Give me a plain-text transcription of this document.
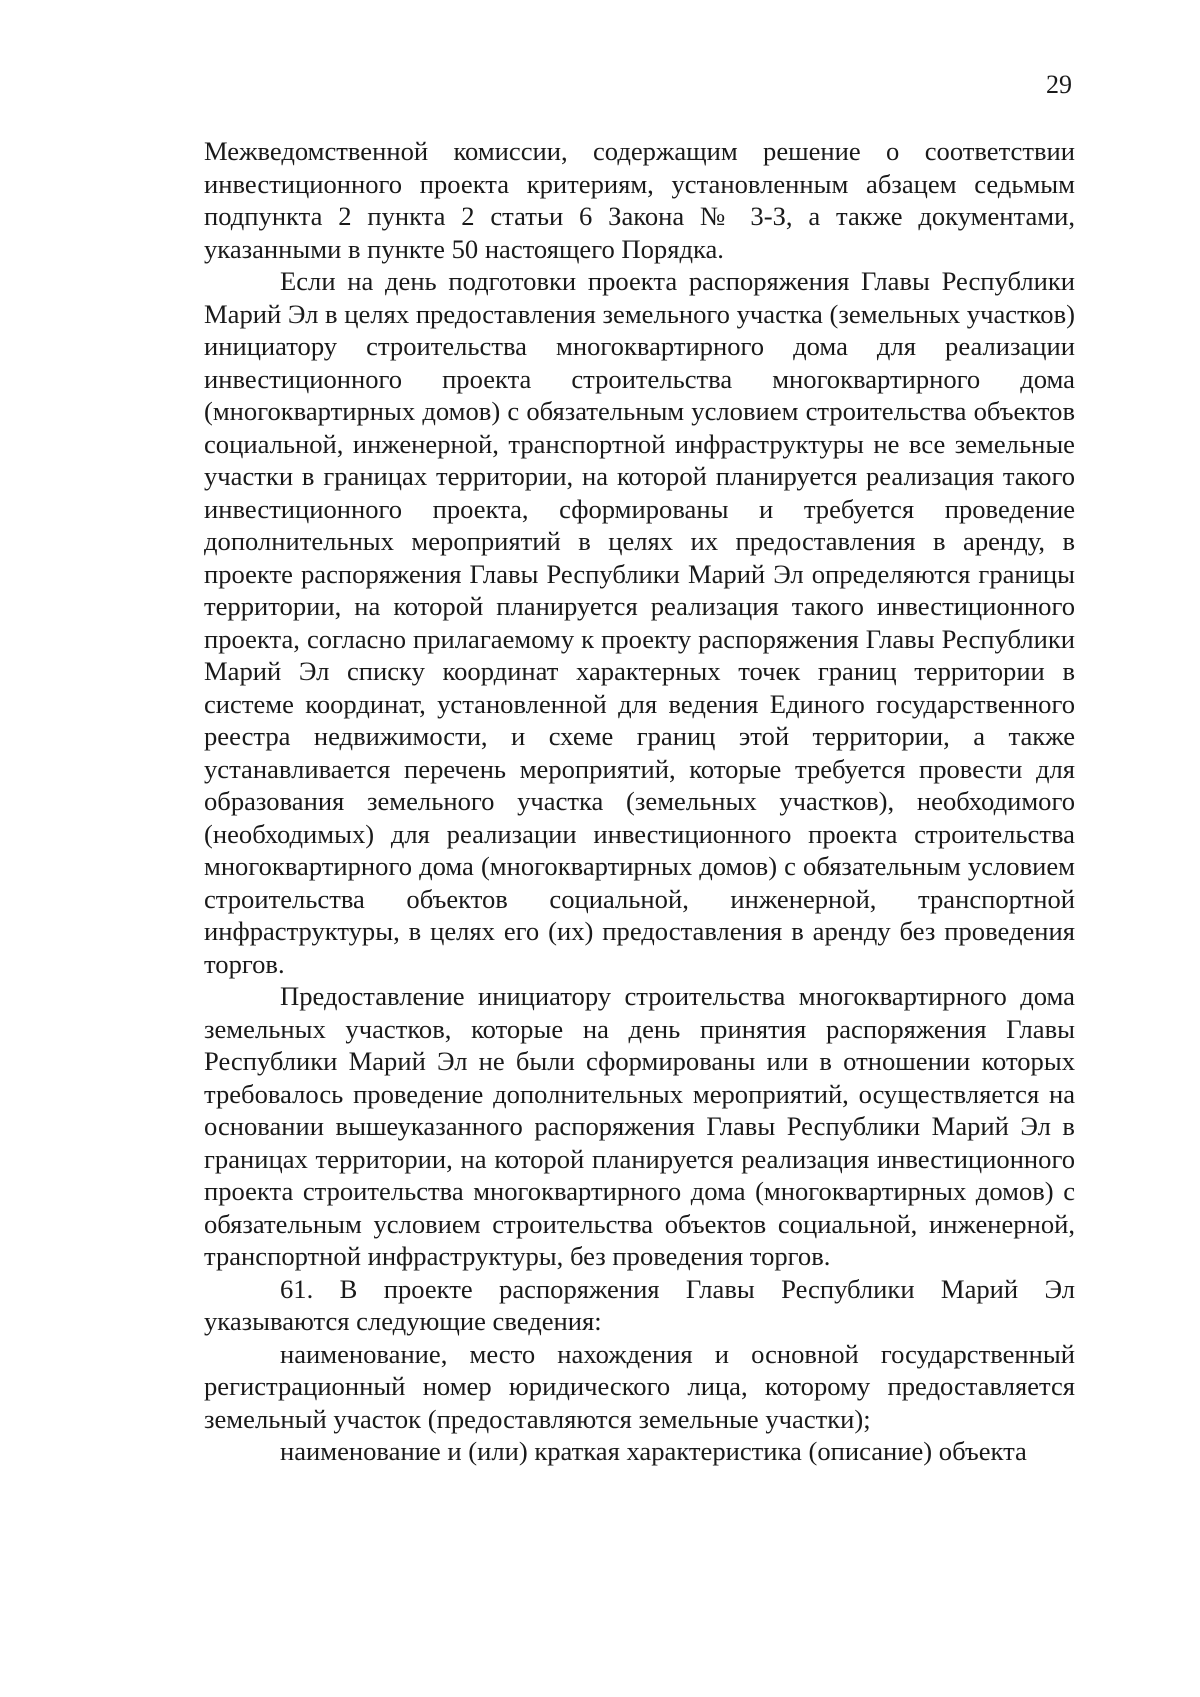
29

Межведомственной комиссии, содержащим решение о соответствии инвестиционного проекта критериям, установленным абзацем седьмым подпункта 2 пункта 2 статьи 6 Закона № 3-З, а также документами, указанными в пункте 50 настоящего Порядка.

Если на день подготовки проекта распоряжения Главы Республики Марий Эл в целях предоставления земельного участка (земельных участков) инициатору строительства многоквартирного дома для реализации инвестиционного проекта строительства многоквартирного дома (многоквартирных домов) с обязательным условием строительства объектов социальной, инженерной, транспортной инфраструктуры не все земельные участки в границах территории, на которой планируется реализация такого инвестиционного проекта, сформированы и требуется проведение дополнительных мероприятий в целях их предоставления в аренду, в проекте распоряжения Главы Республики Марий Эл определяются границы территории, на которой планируется реализация такого инвестиционного проекта, согласно прилагаемому к проекту распоряжения Главы Республики Марий Эл списку координат характерных точек границ территории в системе координат, установленной для ведения Единого государственного реестра недвижимости, и схеме границ этой территории, а также устанавливается перечень мероприятий, которые требуется провести для образования земельного участка (земельных участков), необходимого (необходимых) для реализации инвестиционного проекта строительства многоквартирного дома (многоквартирных домов) с обязательным условием строительства объектов социальной, инженерной, транспортной инфраструктуры, в целях его (их) предоставления в аренду без проведения торгов.

Предоставление инициатору строительства многоквартирного дома земельных участков, которые на день принятия распоряжения Главы Республики Марий Эл не были сформированы или в отношении которых требовалось проведение дополнительных мероприятий, осуществляется на основании вышеуказанного распоряжения Главы Республики Марий Эл в границах территории, на которой планируется реализация инвестиционного проекта строительства многоквартирного дома (многоквартирных домов) с обязательным условием строительства объектов социальной, инженерной, транспортной инфраструктуры, без проведения торгов.

61. В проекте распоряжения Главы Республики Марий Эл указываются следующие сведения:

наименование, место нахождения и основной государственный регистрационный номер юридического лица, которому предоставляется земельный участок (предоставляются земельные участки);

наименование и (или) краткая характеристика (описание) объекта
